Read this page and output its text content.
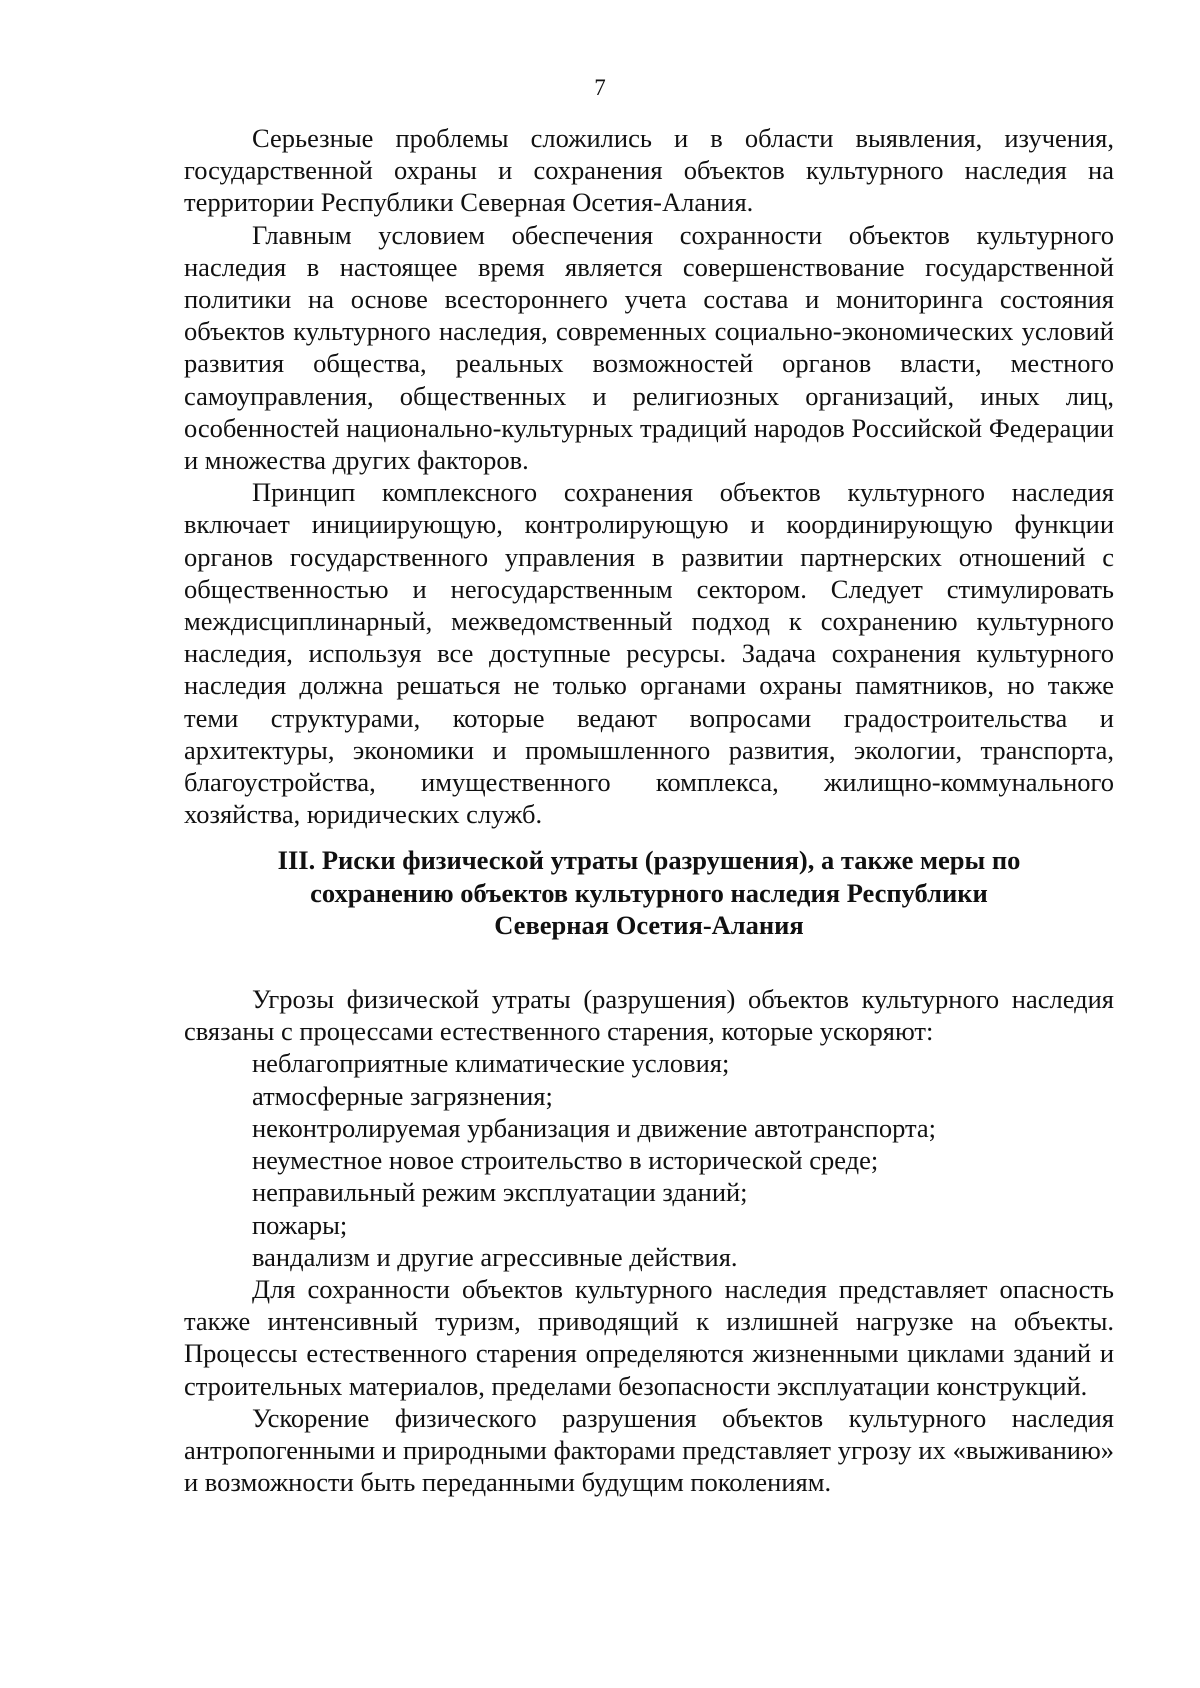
7

Серьезные проблемы сложились и в области выявления, изучения, государственной охраны и сохранения объектов культурного наследия на территории Республики Северная Осетия-Алания.

Главным условием обеспечения сохранности объектов культурного наследия в настоящее время является совершенствование государственной политики на основе всестороннего учета состава и мониторинга состояния объектов культурного наследия, современных социально-экономических условий развития общества, реальных возможностей органов власти, местного самоуправления, общественных и религиозных организаций, иных лиц, особенностей национально-культурных традиций народов Российской Федерации и множества других факторов.

Принцип комплексного сохранения объектов культурного наследия включает инициирующую, контролирующую и координирующую функции органов государственного управления в развитии партнерских отношений с общественностью и негосударственным сектором. Следует стимулировать междисциплинарный, межведомственный подход к сохранению культурного наследия, используя все доступные ресурсы. Задача сохранения культурного наследия должна решаться не только органами охраны памятников, но также теми структурами, которые ведают вопросами градостроительства и архитектуры, экономики и промышленного развития, экологии, транспорта, благоустройства, имущественного комплекса, жилищно-коммунального хозяйства, юридических служб.

III. Риски физической утраты (разрушения), а также меры по
сохранению объектов культурного наследия Республики
Северная Осетия-Алания

Угрозы физической утраты (разрушения) объектов культурного наследия связаны с процессами естественного старения, которые ускоряют:

неблагоприятные климатические условия;
атмосферные загрязнения;
неконтролируемая урбанизация и движение автотранспорта;
неуместное новое строительство в исторической среде;
неправильный режим эксплуатации зданий;
пожары;
вандализм и другие агрессивные действия.

Для сохранности объектов культурного наследия представляет опасность также интенсивный туризм, приводящий к излишней нагрузке на объекты. Процессы естественного старения определяются жизненными циклами зданий и строительных материалов, пределами безопасности эксплуатации конструкций.

Ускорение физического разрушения объектов культурного наследия антропогенными и природными факторами представляет угрозу их «выживанию» и возможности быть переданными будущим поколениям.
